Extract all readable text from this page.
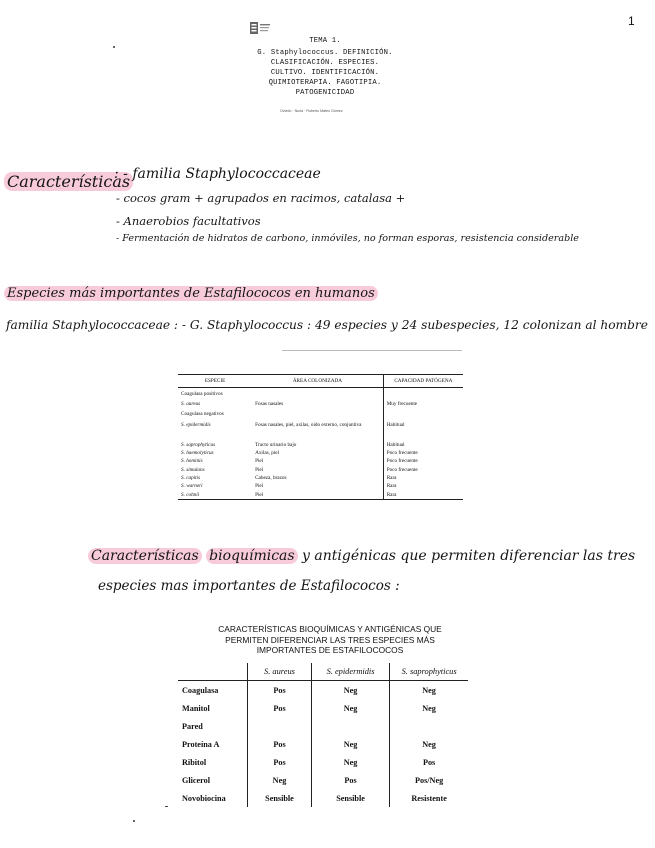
1
TEMA 1.
G. Staphylococcus. DEFINICIÓN.
CLASIFICACIÓN. ESPECIES.
CULTIVO. IDENTIFICACIÓN.
QUIMIOTERAPIA. FAGOTIPIA.
PATOGENICIDAD
Oviedo · Nuria · Roberto Mateo Gómez
Características
: - familia Staphylococcaceae
- cocos gram + agrupados en racimos, catalasa +
- Anaerobios facultativos
- Fermentación de hidratos de carbono, inmóviles, no forman esporas, resistencia considerable
Especies más importantes de Estafilococos en humanos
familia Staphylococcaceae : - G. Staphylococcus : 49 especies y 24 subespecies, 12 colonizan al hombre
ESPECIE	ÁREA COLONIZADA	CAPACIDAD PATÓGENA
Coagulasa positivos		
S. aureus	Fosas nasales	Muy frecuente
Coagulasa negativos		
S. epidermidis	Fosas nasales, piel, axilas, oído externo, conjuntiva	Habitual
S. saprophyticus	Tracto urinario bajo	Habitual
S. haemolyticus	Axilas, piel	Poco frecuente
S. hominis	Piel	Poco frecuente
S. simulans	Piel	Poco frecuente
S. capitis	Cabeza, brazos	Rara
S. warneri	Piel	Rara
S. cohnii	Piel	Rara
Características bioquímicas y antigénicas que permiten diferenciar las tres
especies mas importantes de Estafilococos :
CARACTERÍSTICAS BIOQUÍMICAS Y ANTIGÉNICAS QUE
PERMITEN DIFERENCIAR LAS TRES ESPECIES MÁS
IMPORTANTES DE ESTAFILOCOCOS
	S. aureus	S. epidermidis	S. saprophyticus
Coagulasa	Pos	Neg	Neg
Manitol	Pos	Neg	Neg
Pared			
Proteína A	Pos	Neg	Neg
Ribitol	Pos	Neg	Pos
Glicerol	Neg	Pos	Pos/Neg
Novobiocina	Sensible	Sensible	Resistente
